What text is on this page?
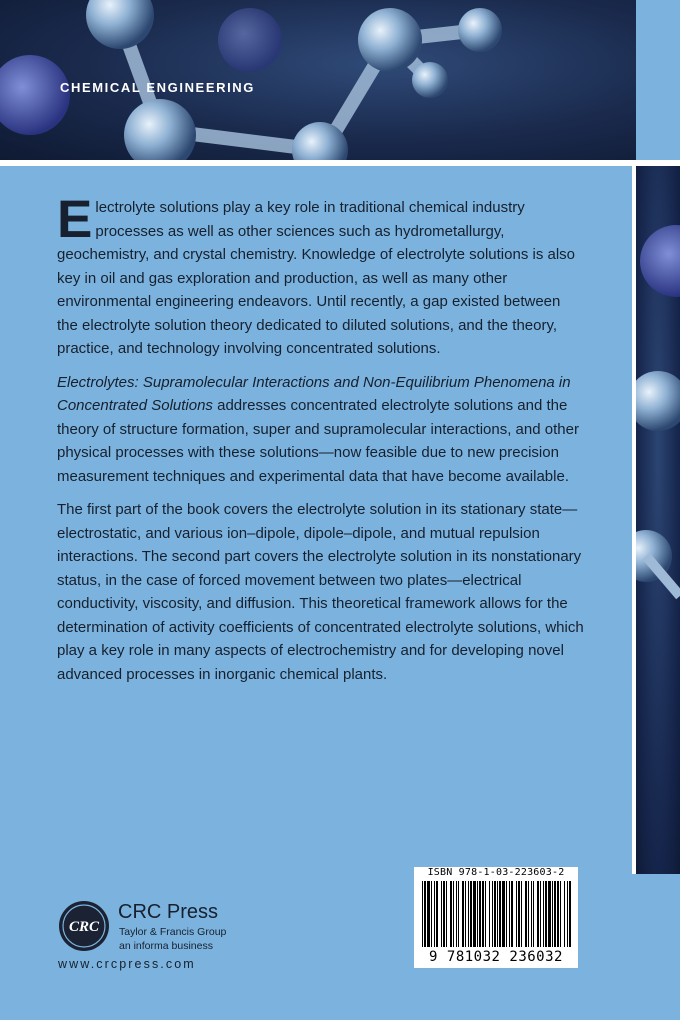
CHEMICAL ENGINEERING

Electrolyte solutions play a key role in traditional chemical industry processes as well as other sciences such as hydrometallurgy, geochemistry, and crystal chemistry. Knowledge of electrolyte solutions is also key in oil and gas exploration and production, as well as many other environmental engineering endeavors. Until recently, a gap existed between the electrolyte solution theory dedicated to diluted solutions, and the theory, practice, and technology involving concentrated solutions.

Electrolytes: Supramolecular Interactions and Non-Equilibrium Phenomena in Concentrated Solutions addresses concentrated electrolyte solutions and the theory of structure formation, super and supramolecular interactions, and other physical processes with these solutions—now feasible due to new precision measurement techniques and experimental data that have become available.

The first part of the book covers the electrolyte solution in its stationary state—electrostatic, and various ion–dipole, dipole–dipole, and mutual repulsion interactions. The second part covers the electrolyte solution in its nonstationary status, in the case of forced movement between two plates—electrical conductivity, viscosity, and diffusion. This theoretical framework allows for the determination of activity coefficients of concentrated electrolyte solutions, which play a key role in many aspects of electrochemistry and for developing novel advanced processes in inorganic chemical plants.

CRC
CRC Press
Taylor & Francis Group
an informa business
www.crcpress.com
ISBN 978-1-03-223603-2
9 781032 236032
